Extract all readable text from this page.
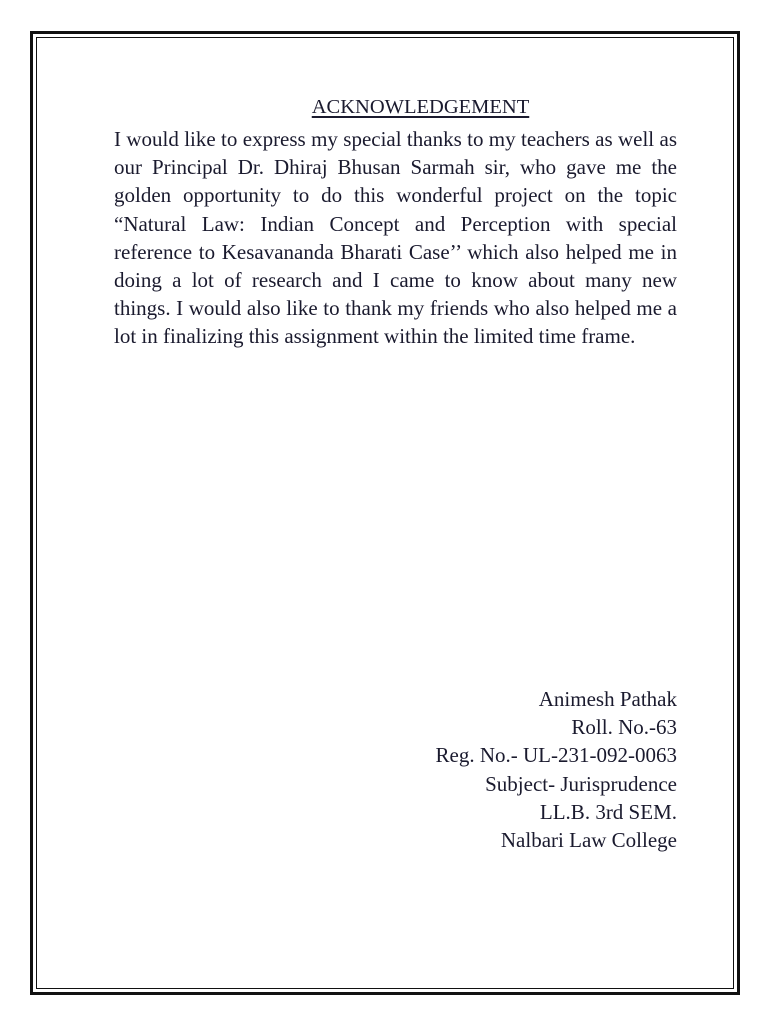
ACKNOWLEDGEMENT

I would like to express my special thanks to my teachers as well as our Principal Dr. Dhiraj Bhusan Sarmah sir, who gave me the golden opportunity to do this wonderful project on the topic “Natural Law: Indian Concept and Perception with special reference to Kesavananda Bharati Case’’ which also helped me in doing a lot of research and I came to know about many new things. I would also like to thank my friends who also helped me a lot in finalizing this assignment within the limited time frame.

Animesh Pathak
Roll. No.-63
Reg. No.- UL-231-092-0063
Subject- Jurisprudence
LL.B. 3rd SEM.
Nalbari Law College
